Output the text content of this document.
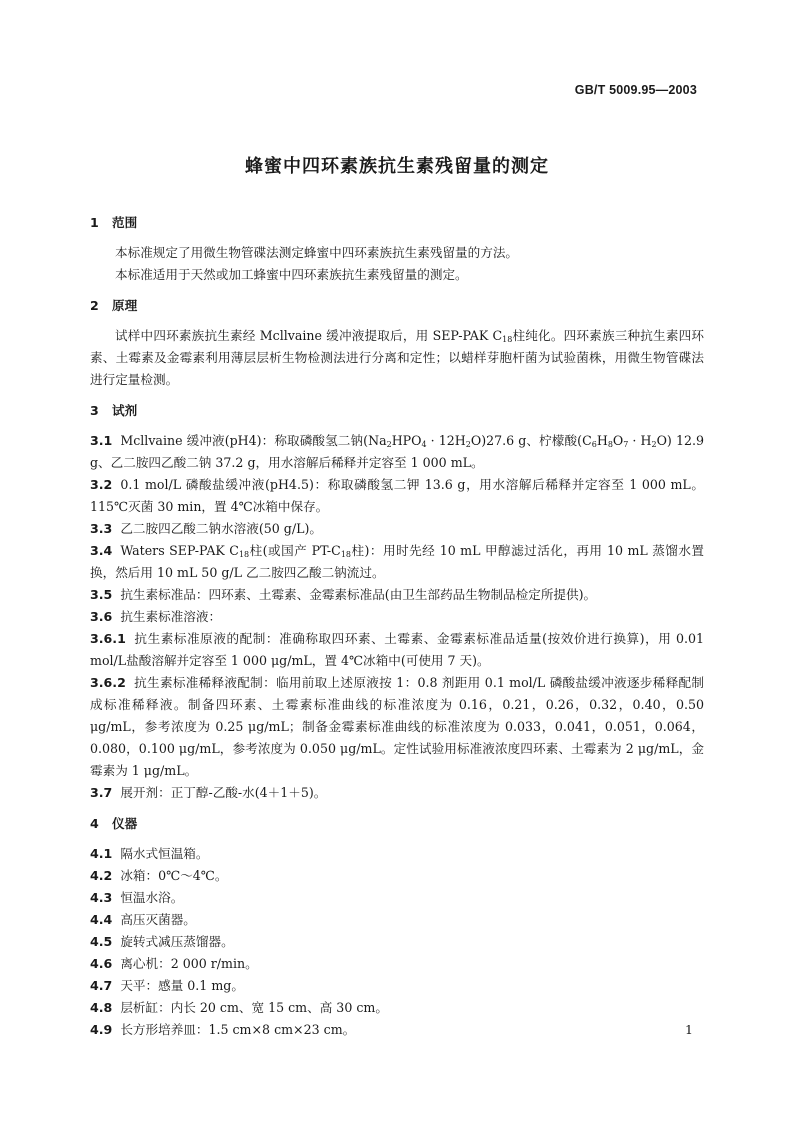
GB/T 5009.95—2003
蜂蜜中四环素族抗生素残留量的测定
1 范围

本标准规定了用微生物管碟法测定蜂蜜中四环素族抗生素残留量的方法。

本标准适用于天然或加工蜂蜜中四环素族抗生素残留量的测定。

2 原理

试样中四环素族抗生素经 Mcllvaine 缓冲液提取后，用 SEP-PAK $C_{18}$柱纯化。四环素族三种抗生素四环素、土霉素及金霉素利用薄层层析生物检测法进行分离和定性；以蜡样芽胞杆菌为试验菌株，用微生物管碟法进行定量检测。

3 试剂

3.1 Mcllvaine 缓冲液(pH4)：称取磷酸氢二钠$(Na_2HPO_4 \cdot 12H_2O)27.6$ g、柠檬酸$(C_6H_8O_7 \cdot H_2O)$ 12.9 g、乙二胺四乙酸二钠 37.2 g，用水溶解后稀释并定容至 1 000 mL。

3.2 0.1 mol/L 磷酸盐缓冲液(pH4.5)：称取磷酸氢二钾 13.6 g，用水溶解后稀释并定容至 1 000 mL。115℃灭菌 30 min，置 4℃冰箱中保存。

3.3 乙二胺四乙酸二钠水溶液(50 g/L)。

3.4 Waters SEP-PAK $C_{18}$柱(或国产 $PT-C_{18}$柱)：用时先经 10 mL 甲醇滤过活化，再用 10 mL 蒸馏水置换，然后用 10 mL 50 g/L 乙二胺四乙酸二钠流过。

3.5 抗生素标准品：四环素、土霉素、金霉素标准品(由卫生部药品生物制品检定所提供)。

3.6 抗生素标准溶液：

3.6.1 抗生素标准原液的配制：准确称取四环素、土霉素、金霉素标准品适量(按效价进行换算)，用 0.01 mol/L盐酸溶解并定容至 1 000 μg/mL，置 4℃冰箱中(可使用 7 天)。

3.6.2 抗生素标准稀释液配制：临用前取上述原液按 1：0.8 剂距用 0.1 mol/L 磷酸盐缓冲液逐步稀释配制成标准稀释液。制备四环素、土霉素标准曲线的标准浓度为 0.16，0.21，0.26，0.32，0.40，0.50 μg/mL，参考浓度为 0.25 μg/mL；制备金霉素标准曲线的标准浓度为 0.033，0.041，0.051，0.064，0.080，0.100 μg/mL，参考浓度为 0.050 μg/mL。定性试验用标准液浓度四环素、土霉素为 2 μg/mL，金霉素为 1 μg/mL。

3.7 展开剂：正丁醇-乙酸-水(4＋1＋5)。

4 仪器

4.1 隔水式恒温箱。

4.2 冰箱：0℃～4℃。

4.3 恒温水浴。

4.4 高压灭菌器。

4.5 旋转式减压蒸馏器。

4.6 离心机：2 000 r/min。

4.7 天平：感量 0.1 mg。

4.8 层析缸：内长 20 cm、宽 15 cm、高 30 cm。

4.9 长方形培养皿：1.5 cm×8 cm×23 cm。	1
